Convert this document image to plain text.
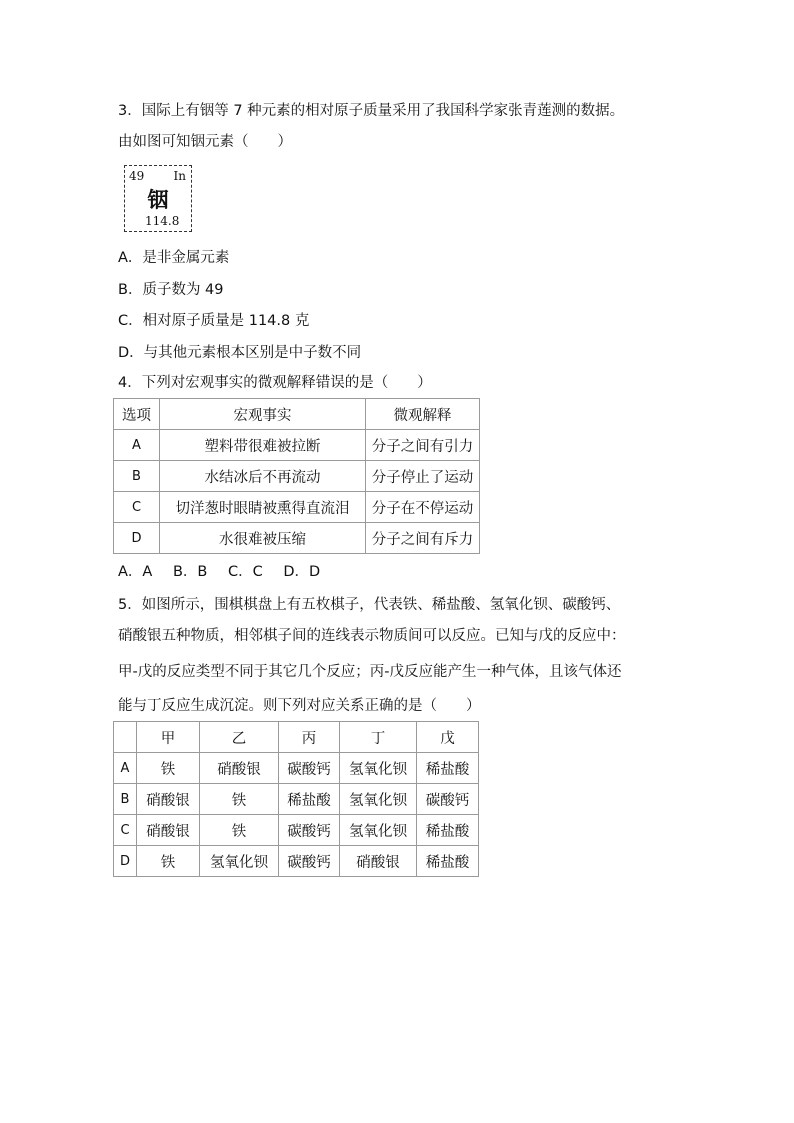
3．国际上有铟等 7 种元素的相对原子质量采用了我国科学家张青莲测的数据。
由如图可知铟元素（　　）
49 In
铟
114.8
A．是非金属元素
B．质子数为 49
C．相对原子质量是 114.8 克
D．与其他元素根本区别是中子数不同
4．下列对宏观事实的微观解释错误的是（　　）
选项	宏观事实	微观解释
A	塑料带很难被拉断	分子之间有引力
B	水结冰后不再流动	分子停止了运动
C	切洋葱时眼睛被熏得直流泪	分子在不停运动
D	水很难被压缩	分子之间有斥力
A．A B．B C．C D．D
5．如图所示，围棋棋盘上有五枚棋子，代表铁、稀盐酸、氢氧化钡、碳酸钙、
硝酸银五种物质，相邻棋子间的连线表示物质间可以反应。已知与戊的反应中：
甲-戊的反应类型不同于其它几个反应；丙-戊反应能产生一种气体，且该气体还
能与丁反应生成沉淀。则下列对应关系正确的是（　　）
	甲	乙	丙	丁	戊
A	铁	硝酸银	碳酸钙	氢氧化钡	稀盐酸
B	硝酸银	铁	稀盐酸	氢氧化钡	碳酸钙
C	硝酸银	铁	碳酸钙	氢氧化钡	稀盐酸
D	铁	氢氧化钡	碳酸钙	硝酸银	稀盐酸
